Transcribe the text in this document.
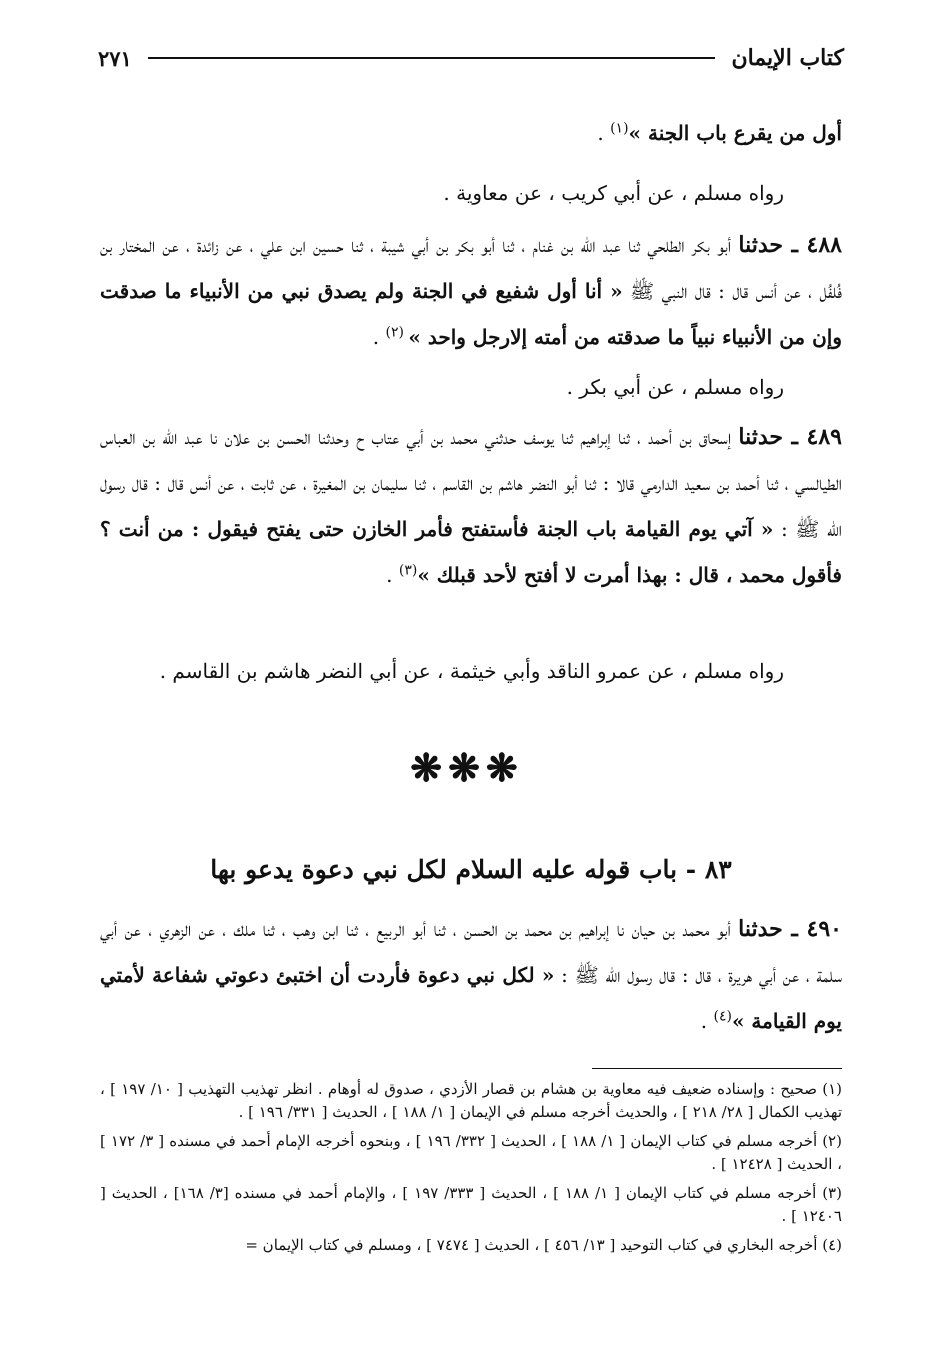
كتاب الإيمان
٢٧١
أول من يقرع باب الجنة »$^{(١)}$ .
رواه مسلم ، عن أبي كريب ، عن معاوية .
٤٨٨ ـ حدثنا أبو بكر الطلحي ثنا عبد الله بن غنام ، ثنا أبو بكر بن أبي شيبة ، ثنا حسين ابن علي ، عن زائدة ، عن المختار بن فُلفُل ، عن أنس قال : قال النبي ﷺ « أنا أول شفيع في الجنة ولم يصدق نبي من الأنبياء ما صدقت وإن من الأنبياء نبياً ما صدقته من أمته إلارجل واحد » $^{(٢)}$ .
رواه مسلم ، عن أبي بكر .
٤٨٩ ـ حدثنا إسحاق بن أحمد ، ثنا إبراهيم ثنا يوسف حدثني محمد بن أبي عتاب ح وحدثنا الحسن بن علان نا عبد الله بن العباس الطيالسي ، ثنا أحمد بن سعيد الدارمي قالا : ثنا أبو النضر هاشم بن القاسم ، ثنا سليمان بن المغيرة ، عن ثابت ، عن أنس قال : قال رسول الله ﷺ : « آتي يوم القيامة باب الجنة فأستفتح فأمر الخازن حتى يفتح فيقول : من أنت ؟ فأقول محمد ، قال : بهذا أمرت لا أفتح لأحد قبلك »$^{(٣)}$ .
رواه مسلم ، عن عمرو الناقد وأبي خيثمة ، عن أبي النضر هاشم بن القاسم .
❋❋❋
٨٣ - باب قوله عليه السلام لكل نبي دعوة يدعو بها
٤٩٠ ـ حدثنا أبو محمد بن حيان نا إبراهيم بن محمد بن الحسن ، ثنا أبو الربيع ، ثنا ابن وهب ، ثنا ملك ، عن الزهري ، عن أبي سلمة ، عن أبي هريرة ، قال : قال رسول الله ﷺ : « لكل نبي دعوة فأردت أن اختبئ دعوتي شفاعة لأمتي يوم القيامة »$^{(٤)}$ .

(١) صحيح : وإسناده ضعيف فيه معاوية بن هشام بن قصار الأزدي ، صدوق له أوهام . انظر تهذيب التهذيب [ ١٠/ ١٩٧ ] ، تهذيب الكمال [ ٢٨/ ٢١٨ ] ، والحديث أخرجه مسلم في الإيمان [ ١/ ١٨٨ ] ، الحديث [ ٣٣١/ ١٩٦ ] .

(٢) أخرجه مسلم في كتاب الإيمان [ ١/ ١٨٨ ] ، الحديث [ ٣٣٢/ ١٩٦ ] ، وبنحوه أخرجه الإمام أحمد في مسنده [ ٣/ ١٧٢ ] ، الحديث [ ١٢٤٢٨ ] .

(٣) أخرجه مسلم في كتاب الإيمان [ ١/ ١٨٨ ] ، الحديث [ ٣٣٣/ ١٩٧ ] ، والإمام أحمد في مسنده [٣/ ١٦٨] ، الحديث [ ١٢٤٠٦ ] .

(٤) أخرجه البخاري في كتاب التوحيد [ ١٣/ ٤٥٦ ] ، الحديث [ ٧٤٧٤ ] ، ومسلم في كتاب الإيمان =
